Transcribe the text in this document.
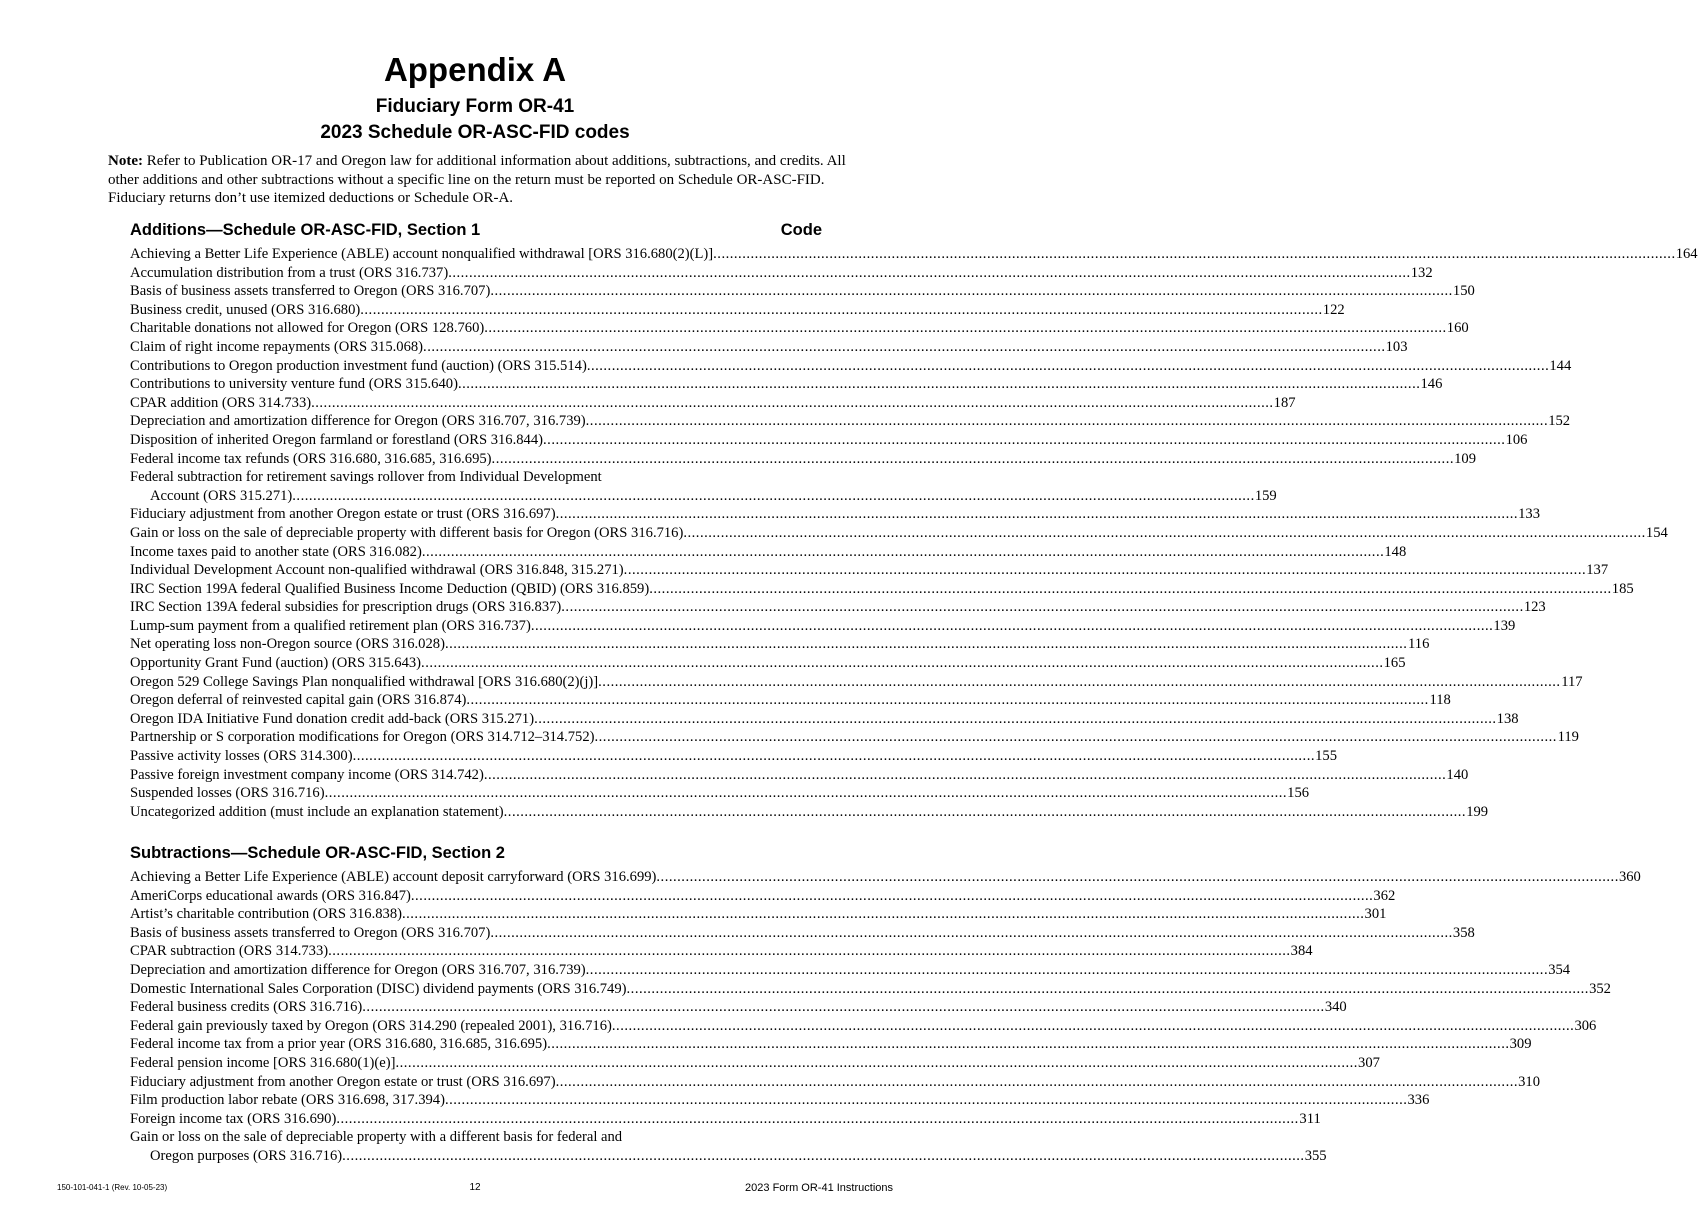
Appendix A
Fiduciary Form OR-41
2023 Schedule OR-ASC-FID codes
Note: Refer to Publication OR-17 and Oregon law for additional information about additions, subtractions, and credits. All other additions and other subtractions without a specific line on the return must be reported on Schedule OR-ASC-FID. Fiduciary returns don’t use itemized deductions or Schedule OR-A.
Additions—Schedule OR-ASC-FID, Section 1	Code
Achieving a Better Life Experience (ABLE) account nonqualified withdrawal [ORS 316.680(2)(L)] .....	164
Accumulation distribution from a trust (ORS 316.737) .....	132
Basis of business assets transferred to Oregon (ORS 316.707) .....	150
Business credit, unused (ORS 316.680) .....	122
Charitable donations not allowed for Oregon (ORS 128.760) .....	160
Claim of right income repayments (ORS 315.068) .....	103
Contributions to Oregon production investment fund (auction) (ORS 315.514) .....	144
Contributions to university venture fund (ORS 315.640) .....	146
CPAR addition (ORS 314.733) .....	187
Depreciation and amortization difference for Oregon (ORS 316.707, 316.739) .....	152
Disposition of inherited Oregon farmland or forestland (ORS 316.844) .....	106
Federal income tax refunds (ORS 316.680, 316.685, 316.695) .....	109
Federal subtraction for retirement savings rollover from Individual Development
Account (ORS 315.271) .....	159
Fiduciary adjustment from another Oregon estate or trust (ORS 316.697) .....	133
Gain or loss on the sale of depreciable property with different basis for Oregon (ORS 316.716) .....	154
Income taxes paid to another state (ORS 316.082) .....	148
Individual Development Account non-qualified withdrawal (ORS 316.848, 315.271) .....	137
IRC Section 199A federal Qualified Business Income Deduction (QBID) (ORS 316.859) .....	185
IRC Section 139A federal subsidies for prescription drugs (ORS 316.837) .....	123
Lump-sum payment from a qualified retirement plan (ORS 316.737) .....	139
Net operating loss non-Oregon source (ORS 316.028) .....	116
Opportunity Grant Fund (auction) (ORS 315.643) .....	165
Oregon 529 College Savings Plan nonqualified withdrawal [ORS 316.680(2)(j)] .....	117
Oregon deferral of reinvested capital gain (ORS 316.874) .....	118
Oregon IDA Initiative Fund donation credit add-back (ORS 315.271) .....	138
Partnership or S corporation modifications for Oregon (ORS 314.712–314.752) .....	119
Passive activity losses (ORS 314.300) .....	155
Passive foreign investment company income (ORS 314.742) .....	140
Suspended losses (ORS 316.716) .....	156
Uncategorized addition (must include an explanation statement) .....	199
Subtractions—Schedule OR-ASC-FID, Section 2
Achieving a Better Life Experience (ABLE) account deposit carryforward (ORS 316.699) .....	360
AmeriCorps educational awards (ORS 316.847) .....	362
Artist’s charitable contribution (ORS 316.838) .....	301
Basis of business assets transferred to Oregon (ORS 316.707) .....	358
CPAR subtraction (ORS 314.733) .....	384
Depreciation and amortization difference for Oregon (ORS 316.707, 316.739) .....	354
Domestic International Sales Corporation (DISC) dividend payments (ORS 316.749) .....	352
Federal business credits (ORS 316.716) .....	340
Federal gain previously taxed by Oregon (ORS 314.290 (repealed 2001), 316.716) .....	306
Federal income tax from a prior year (ORS 316.680, 316.685, 316.695) .....	309
Federal pension income [ORS 316.680(1)(e)] .....	307
Fiduciary adjustment from another Oregon estate or trust (ORS 316.697) .....	310
Film production labor rebate (ORS 316.698, 317.394) .....	336
Foreign income tax (ORS 316.690) .....	311
Gain or loss on the sale of depreciable property with a different basis for federal and
Oregon purposes (ORS 316.716) .....	355
150-101-041-1 (Rev. 10-05-23)	12	2023 Form OR-41 Instructions
